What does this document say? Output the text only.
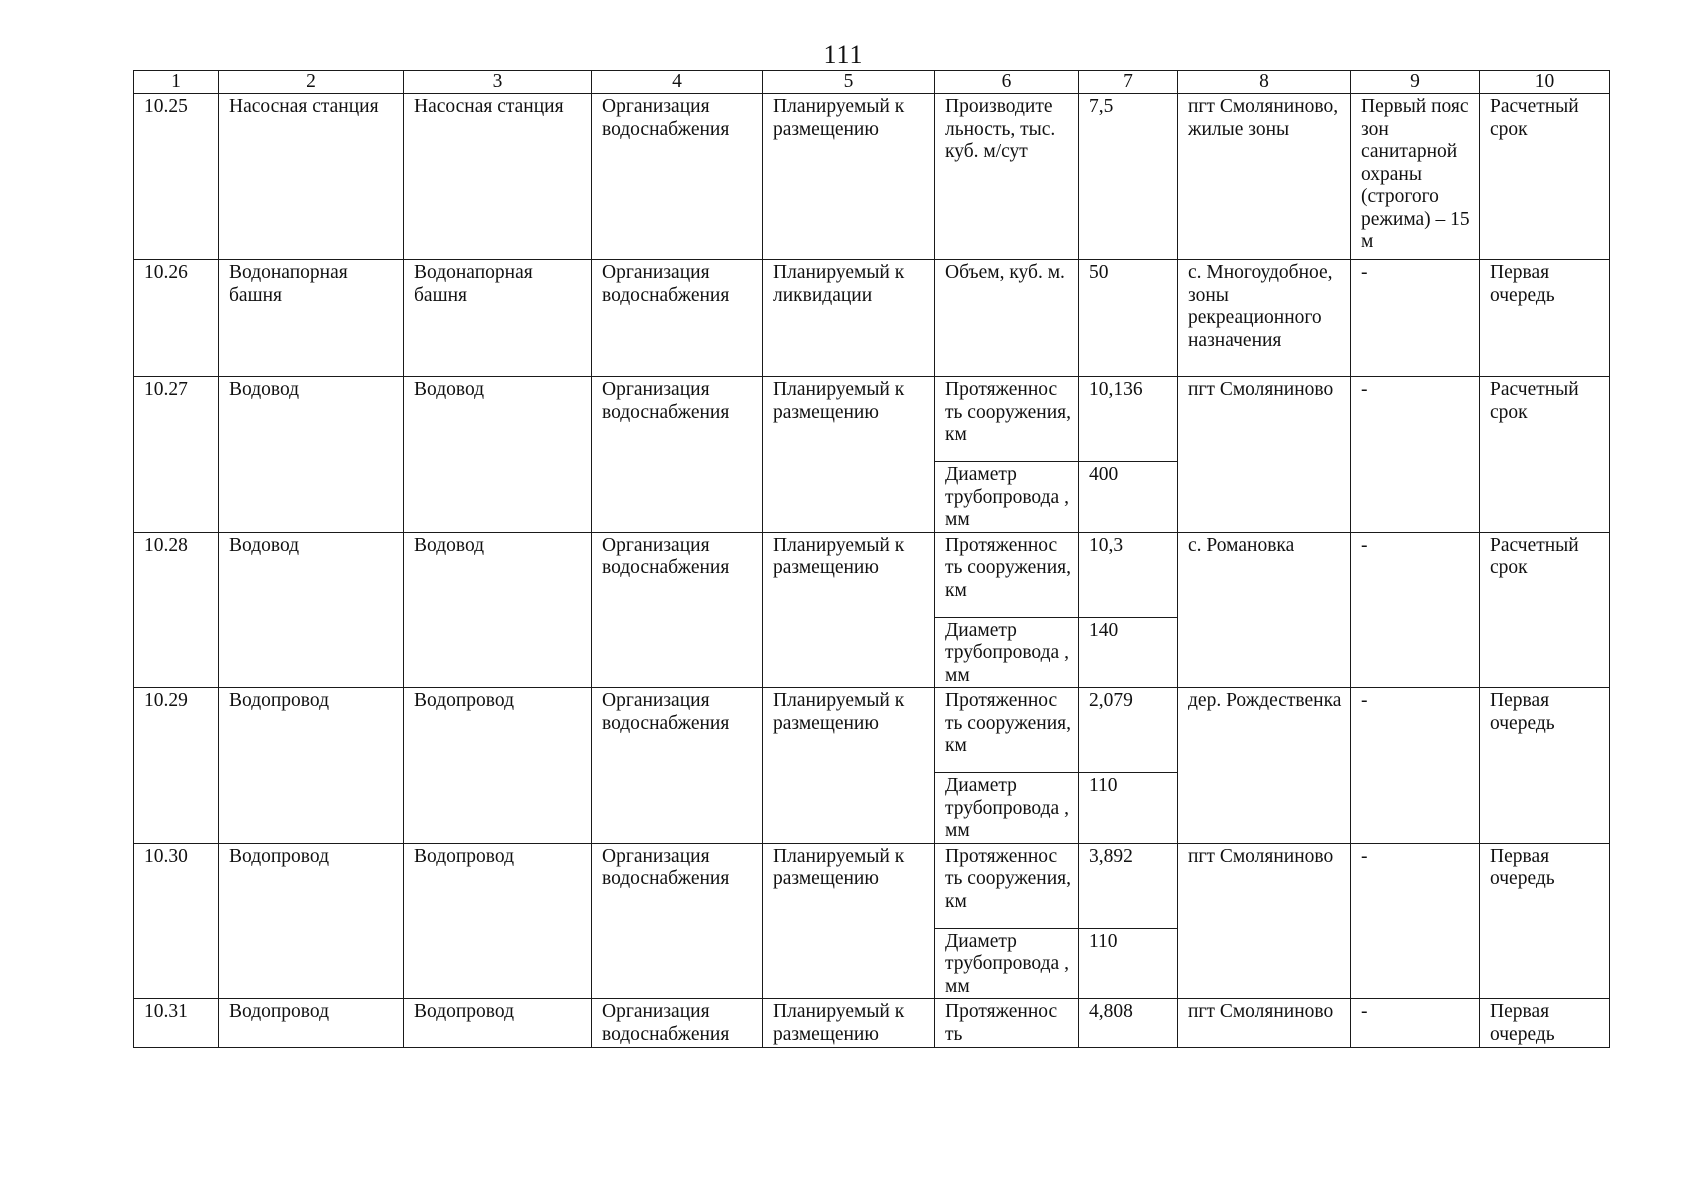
111
1	2	3	4	5	6	7	8	9	10
10.25	Насосная станция	Насосная станция	Организация водоснабжения	Планируемый к размещению	Производите льность, тыс. куб. м/сут	7,5	пгт Смоляниново, жилые зоны	Первый пояс зон санитарной охраны (строгого режима) – 15 м	Расчетный срок
10.26	Водонапорная башня	Водонапорная башня	Организация водоснабжения	Планируемый к ликвидации	Объем, куб. м.	50	с. Многоудобное, зоны рекреационного назначения	-	Первая очередь
10.27	Водовод	Водовод	Организация водоснабжения	Планируемый к размещению	Протяженнос ть сооружения, км	10,136	пгт Смоляниново	-	Расчетный срок
					Диаметр трубопровода , мм	400			
10.28	Водовод	Водовод	Организация водоснабжения	Планируемый к размещению	Протяженнос ть сооружения, км	10,3	с. Романовка	-	Расчетный срок
					Диаметр трубопровода , мм	140			
10.29	Водопровод	Водопровод	Организация водоснабжения	Планируемый к размещению	Протяженнос ть сооружения, км	2,079	дер. Рождественка	-	Первая очередь
					Диаметр трубопровода , мм	110			
10.30	Водопровод	Водопровод	Организация водоснабжения	Планируемый к размещению	Протяженнос ть сооружения, км	3,892	пгт Смоляниново	-	Первая очередь
					Диаметр трубопровода , мм	110			
10.31	Водопровод	Водопровод	Организация водоснабжения	Планируемый к размещению	Протяженнос ть	4,808	пгт Смоляниново	-	Первая очередь
